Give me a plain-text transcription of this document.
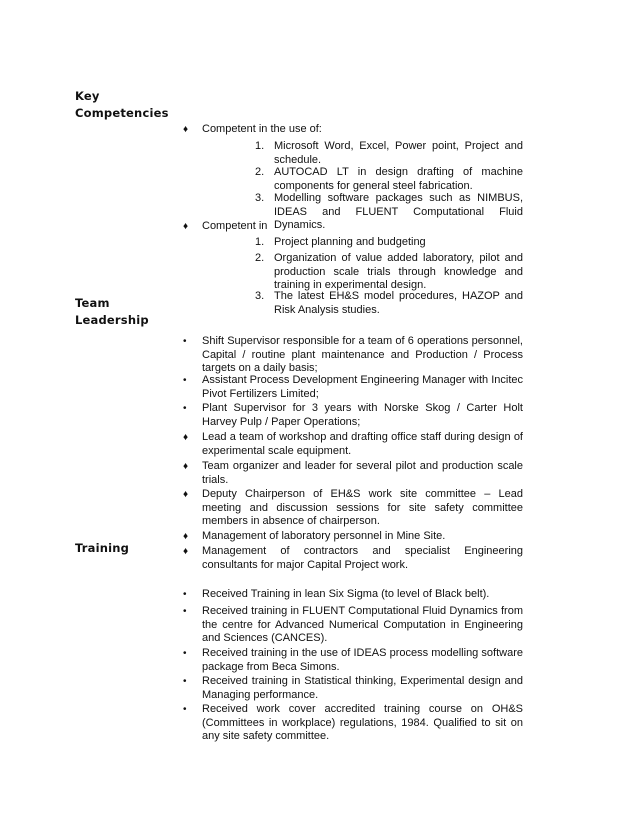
Key
Competencies
Team
Leadership
Training
♦ Competent in the use of:
1. Microsoft Word, Excel, Power point, Project and schedule.
2. AUTOCAD LT in design drafting of machine components for general steel fabrication.
3. Modelling software packages such as NIMBUS, IDEAS and FLUENT Computational Fluid Dynamics.
♦ Competent in
1. Project planning and budgeting
2. Organization of value added laboratory, pilot and production scale trials through knowledge and training in experimental design.
3. The latest EH&S model procedures, HAZOP and Risk Analysis studies.
• Shift Supervisor responsible for a team of 6 operations personnel, Capital / routine plant maintenance and Production / Process targets on a daily basis;
• Assistant Process Development Engineering Manager with Incitec Pivot Fertilizers Limited;
• Plant Supervisor for 3 years with Norske Skog / Carter Holt Harvey Pulp / Paper Operations;
♦ Lead a team of workshop and drafting office staff during design of experimental scale equipment.
♦ Team organizer and leader for several pilot and production scale trials.
♦ Deputy Chairperson of EH&S work site committee – Lead meeting and discussion sessions for site safety committee members in absence of chairperson.
♦ Management of laboratory personnel in Mine Site.
♦ Management of contractors and specialist Engineering consultants for major Capital Project work.
• Received Training in lean Six Sigma (to level of Black belt).
• Received training in FLUENT Computational Fluid Dynamics from the centre for Advanced Numerical Computation in Engineering and Sciences (CANCES).
• Received training in the use of IDEAS process modelling software package from Beca Simons.
• Received training in Statistical thinking, Experimental design and Managing performance.
• Received work cover accredited training course on OH&S (Committees in workplace) regulations, 1984. Qualified to sit on any site safety committee.
